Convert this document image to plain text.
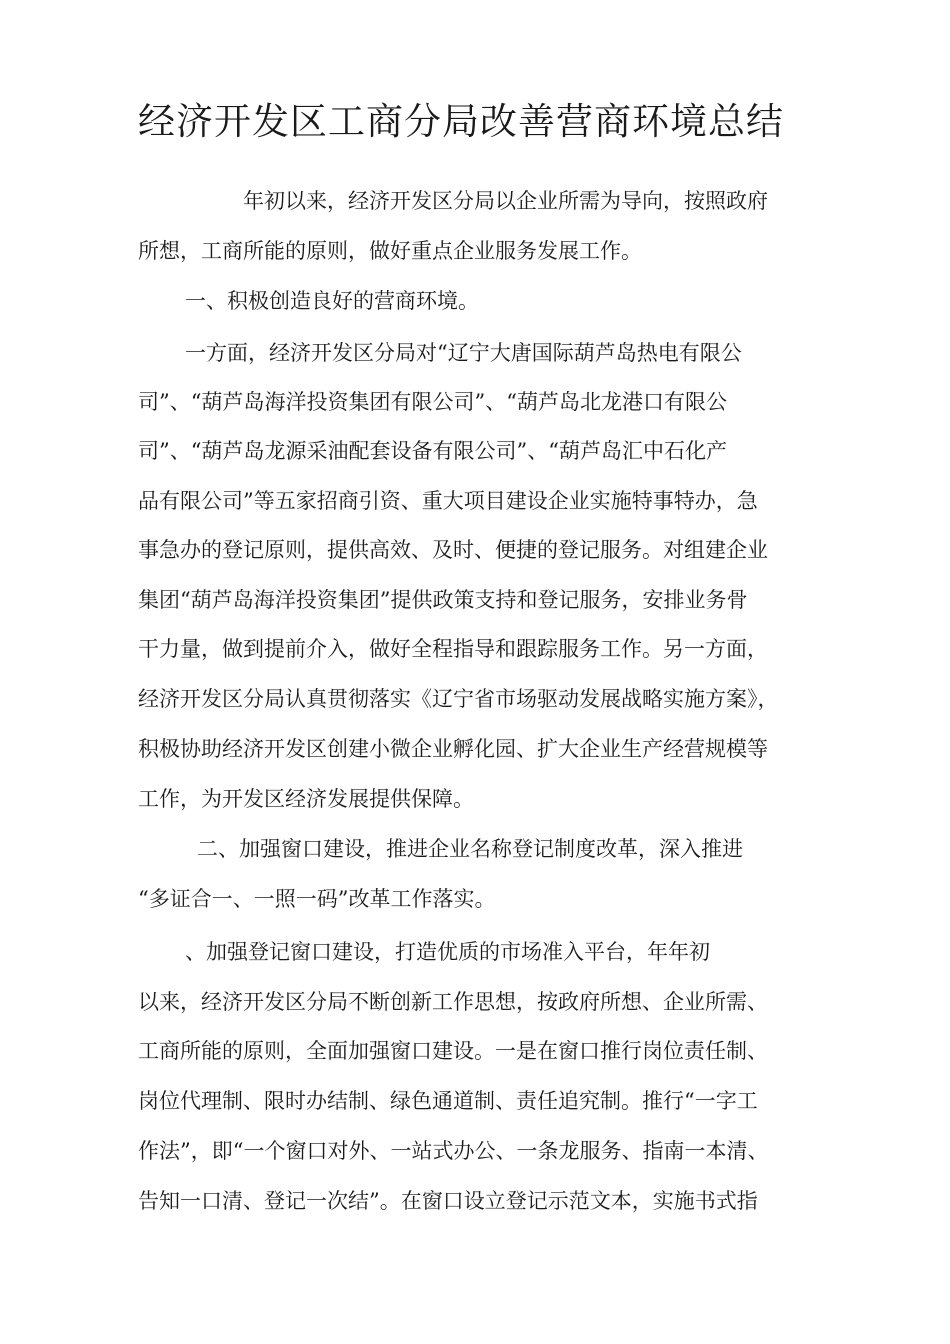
经济开发区工商分局改善营商环境总结
年初以来，经济开发区分局以企业所需为导向，按照政府
所想，工商所能的原则，做好重点企业服务发展工作。
一、积极创造良好的营商环境。
一方面，经济开发区分局对“辽宁大唐国际葫芦岛热电有限公
司”、“葫芦岛海洋投资集团有限公司”、“葫芦岛北龙港口有限公
司”、“葫芦岛龙源采油配套设备有限公司”、“葫芦岛汇中石化产
品有限公司”等五家招商引资、重大项目建设企业实施特事特办，急
事急办的登记原则，提供高效、及时、便捷的登记服务。对组建企业
集团“葫芦岛海洋投资集团”提供政策支持和登记服务，安排业务骨
干力量，做到提前介入，做好全程指导和跟踪服务工作。另一方面，
经济开发区分局认真贯彻落实《辽宁省市场驱动发展战略实施方案》，
积极协助经济开发区创建小微企业孵化园、扩大企业生产经营规模等
工作，为开发区经济发展提供保障。
二、加强窗口建设，推进企业名称登记制度改革，深入推进
“多证合一、一照一码”改革工作落实。
、加强登记窗口建设，打造优质的市场准入平台，年年初
以来，经济开发区分局不断创新工作思想，按政府所想、企业所需、
工商所能的原则，全面加强窗口建设。一是在窗口推行岗位责任制、
岗位代理制、限时办结制、绿色通道制、责任追究制。推行“一字工
作法”，即“一个窗口对外、一站式办公、一条龙服务、指南一本清、
告知一口清、登记一次结”。在窗口设立登记示范文本，实施书式指
